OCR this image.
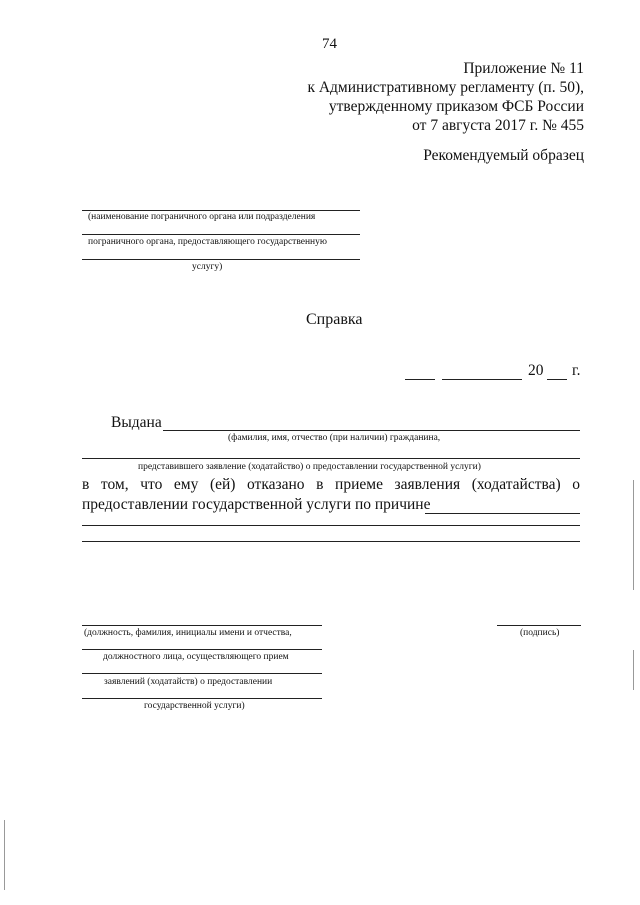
74
Приложение № 11
к Административному регламенту (п. 50),
утвержденному приказом ФСБ России
от 7 августа 2017 г. № 455
Рекомендуемый образец
(наименование пограничного органа или подразделения
пограничного органа, предоставляющего государственную
услугу)
Справка
20 г.
Выдана
(фамилия, имя, отчество (при наличии) гражданина,
представившего заявление (ходатайство) о предоставлении государственной услуги)
в том, что ему (ей) отказано в приеме заявления (ходатайства) о
предоставлении государственной услуги по причине
(должность, фамилия, инициалы имени и отчества,
должностного лица, осуществляющего прием
заявлений (ходатайств) о предоставлении
государственной услуги)
(подпись)
